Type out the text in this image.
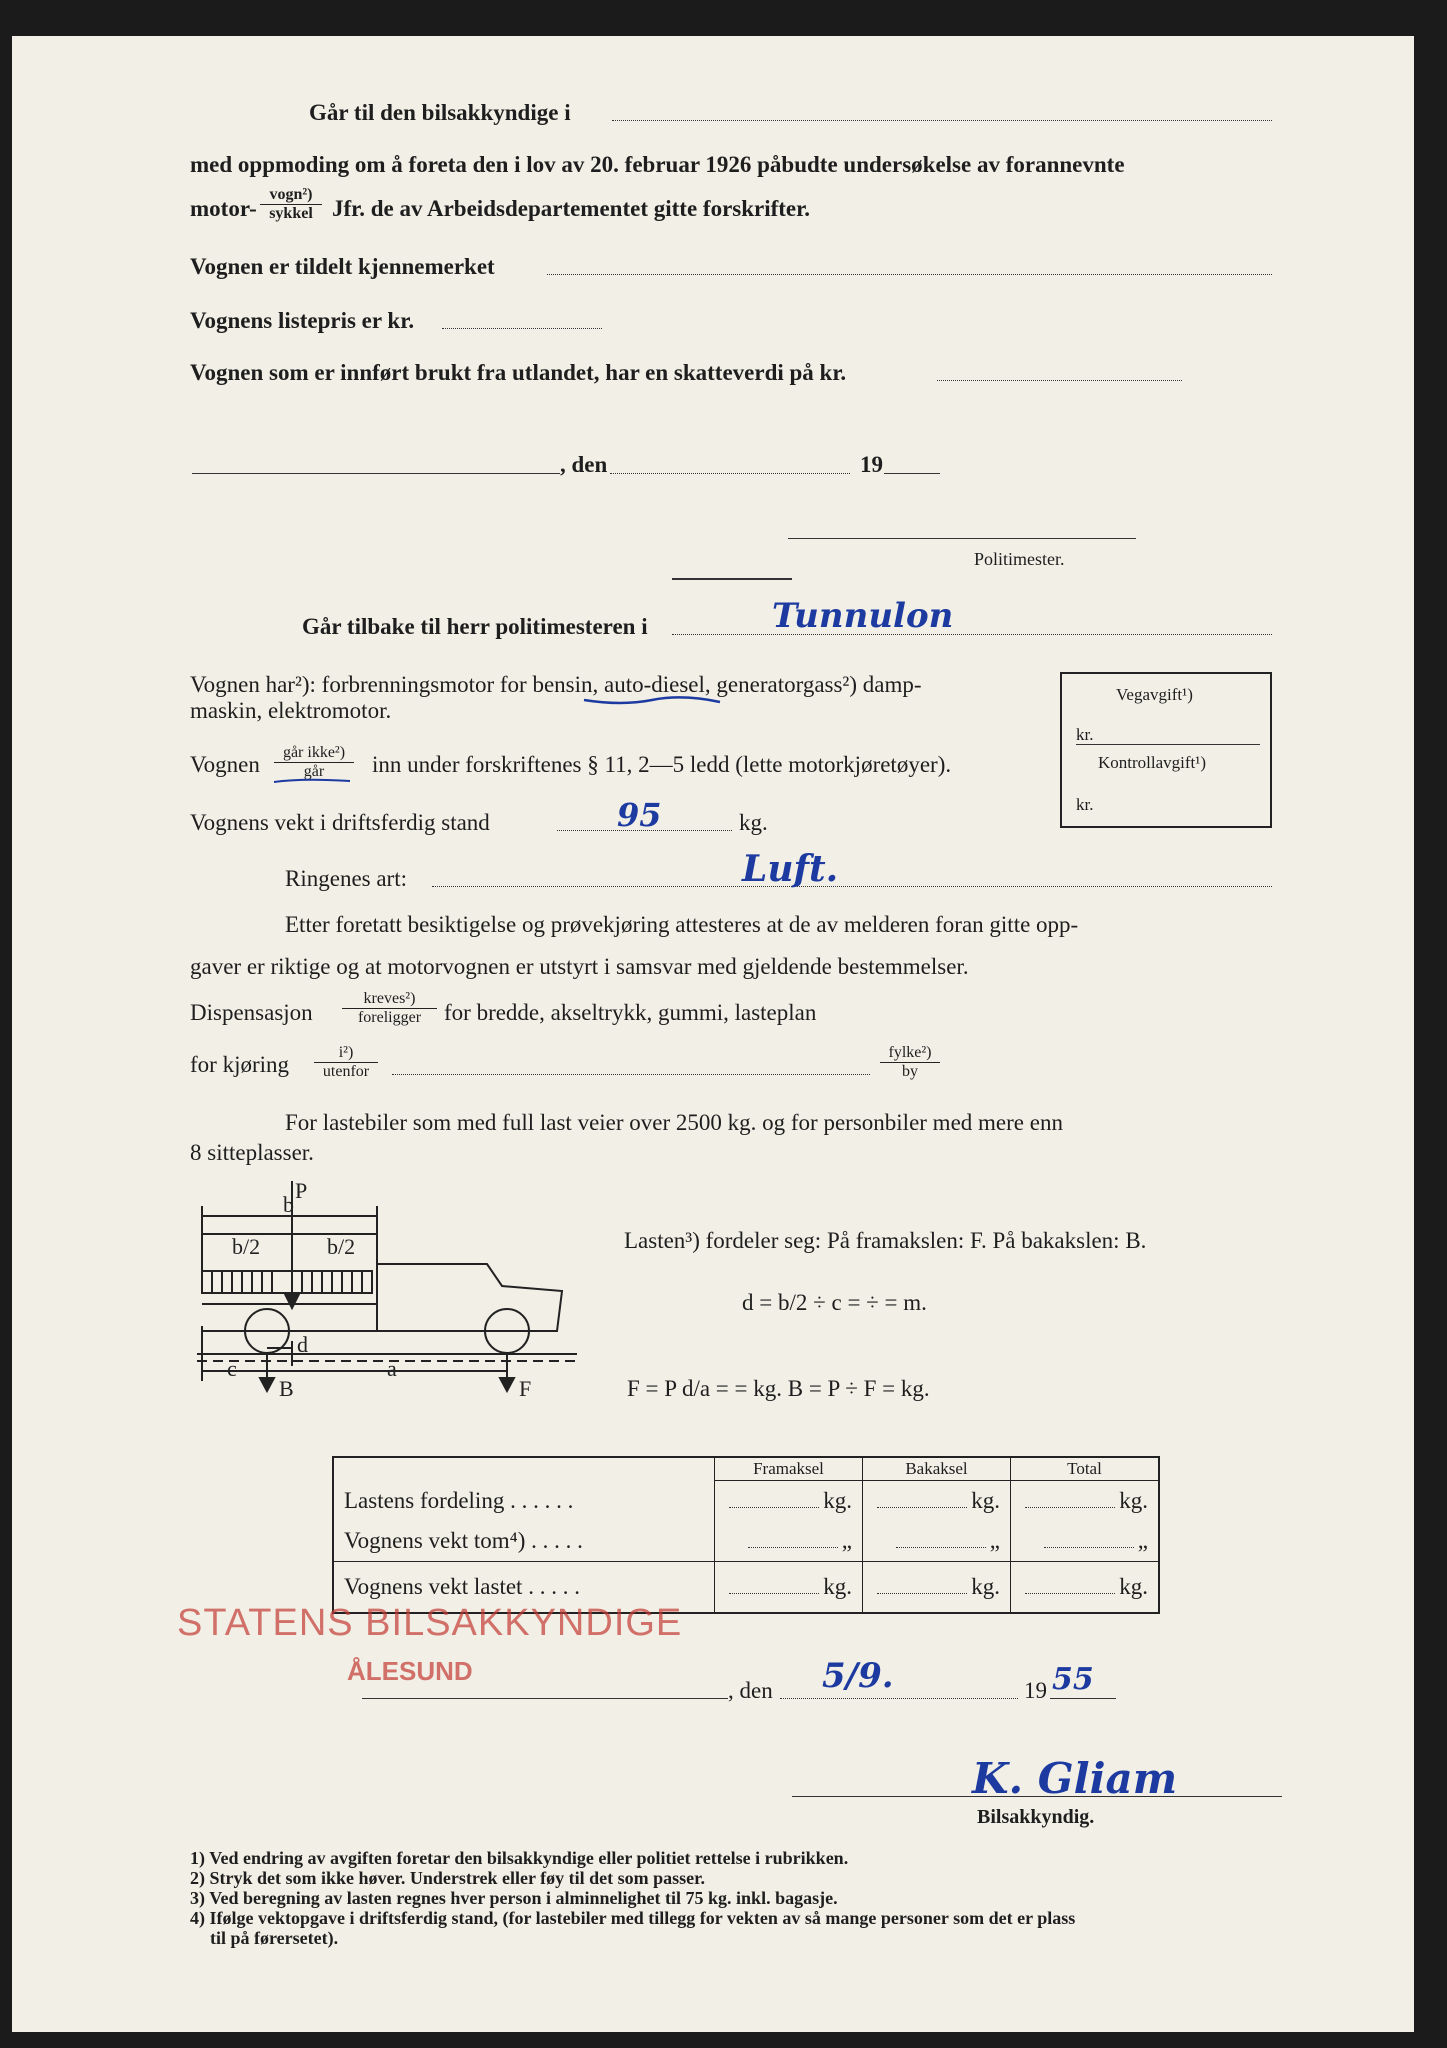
Går til den bilsakkyndige i
med oppmoding om å foreta den i lov av 20. februar 1926 påbudte undersøkelse av forannevnte
motor-
vogn²)
sykkel Jfr. de av Arbeidsdepartementet gitte forskrifter.
Vognen er tildelt kjennemerket
Vognens listepris er kr.
Vognen som er innført brukt fra utlandet, har en skatteverdi på kr.
, den	19
Politimester.
Går tilbake til herr politimesteren i	Tunnulon
Vognen har²): forbrenningsmotor for bensin, auto-diesel, generatorgass²) damp-
maskin, elektromotor.
Vognen	går ikke²)
går	inn under forskriftenes § 11, 2—5 ledd (lette motorkjøretøyer).
Vognens vekt i driftsferdig stand	95	kg.
Vegavgift¹)
kr.
Kontrollavgift¹)
kr.
Ringenes art:	Luft.
Etter foretatt besiktigelse og prøvekjøring attesteres at de av melderen foran gitte opp-
gaver er riktige og at motorvognen er utstyrt i samsvar med gjeldende bestemmelser.
Dispensasjon
kreves²)
foreligger for bredde, akseltrykk, gummi, lasteplan
for kjøring	i²)
utenfor
fylke²)
by
For lastebiler som med full last veier over 2500 kg. og for personbiler med mere enn
8 sitteplasser.
P
b
b/2	b/2
d
c	a
B	F
Lasten³) fordeler seg: På framakslen: F. På bakakslen: B.
d = b/2 ÷ c = ÷ = m.
F = P d/a = = kg. B = P ÷ F = kg.
	Framaksel	Bakaksel	Total
Lastens fordeling . . . . . .	kg.	kg.	kg.
Vognens vekt tom⁴) . . . . .	„	„	„
Vognens vekt lastet . . . . .	kg.	kg.	kg.
STATENS BILSAKKYNDIGE
ÅLESUND
, den 5/9.	19 55
K. Gliam
Bilsakkyndig.
1) Ved endring av avgiften foretar den bilsakkyndige eller politiet rettelse i rubrikken.
2) Stryk det som ikke høver. Understrek eller føy til det som passer.
3) Ved beregning av lasten regnes hver person i alminnelighet til 75 kg. inkl. bagasje.
4) Ifølge vektopgave i driftsferdig stand, (for lastebiler med tillegg for vekten av så mange personer som det er plass
til på førersetet).
